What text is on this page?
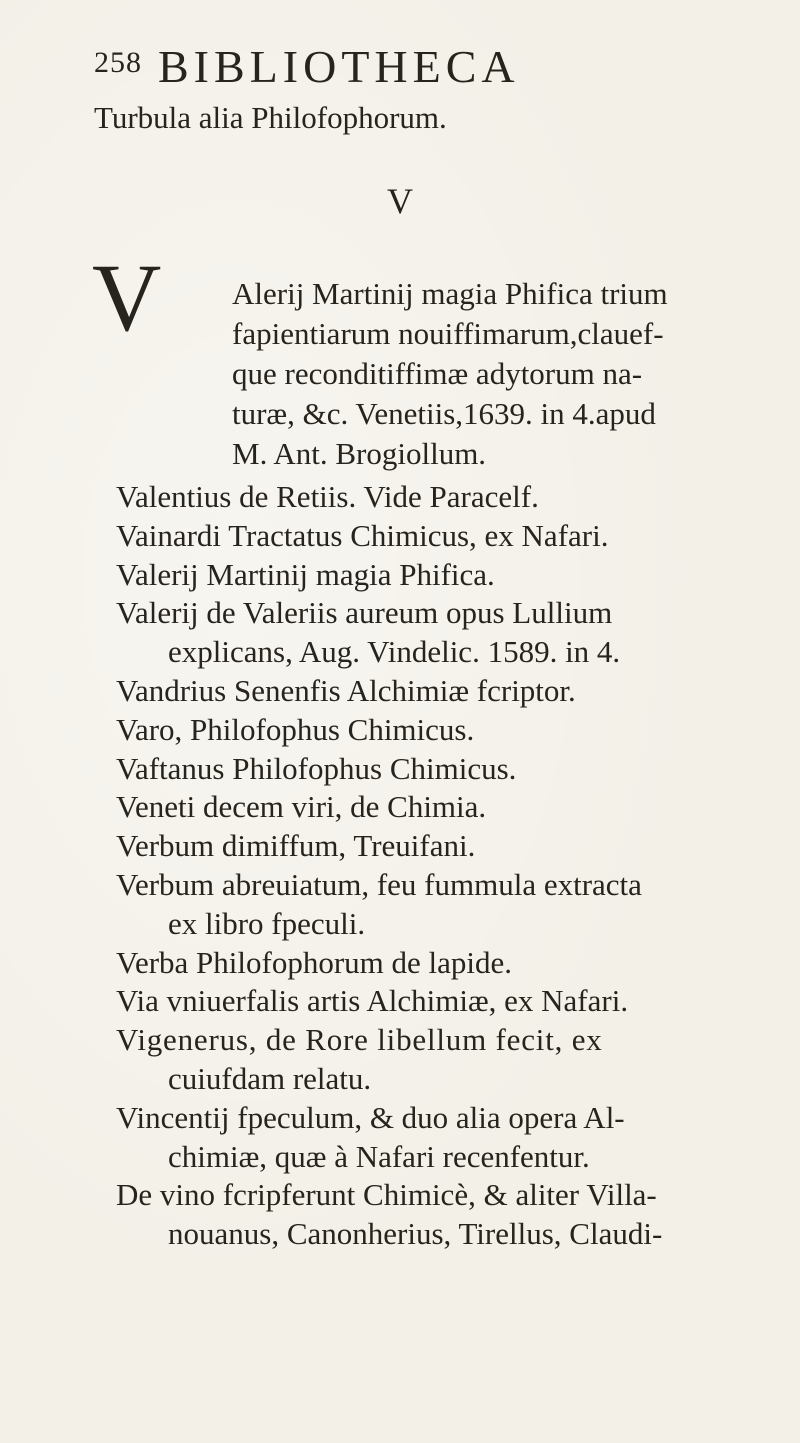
258 BIBLIOTHECA
Turbula alia Philofophorum.
V
V Alerij Martinij magia Phifica trium
fapientiarum nouiffimarum,clauef-
que reconditiffimæ adytorum na-
turæ, &c. Venetiis,1639. in 4.apud
M. Ant. Brogiollum.
Valentius de Retiis. Vide Paracelf.
Vainardi Tractatus Chimicus, ex Nafari.
Valerij Martinij magia Phifica.
Valerij de Valeriis aureum opus Lullium
explicans, Aug. Vindelic. 1589. in 4.
Vandrius Senenfis Alchimiæ fcriptor.
Varo, Philofophus Chimicus.
Vaftanus Philofophus Chimicus.
Veneti decem viri, de Chimia.
Verbum dimiffum, Treuifani.
Verbum abreuiatum, feu fummula extracta
ex libro fpeculi.
Verba Philofophorum de lapide.
Via vniuerfalis artis Alchimiæ, ex Nafari.
Vigenerus, de Rore libellum fecit, ex
cuiufdam relatu.
Vincentij fpeculum, & duo alia opera Al-
chimiæ, quæ à Nafari recenfentur.
De vino fcripferunt Chimicè, & aliter Villa-
nouanus, Canonherius, Tirellus, Claudi-
